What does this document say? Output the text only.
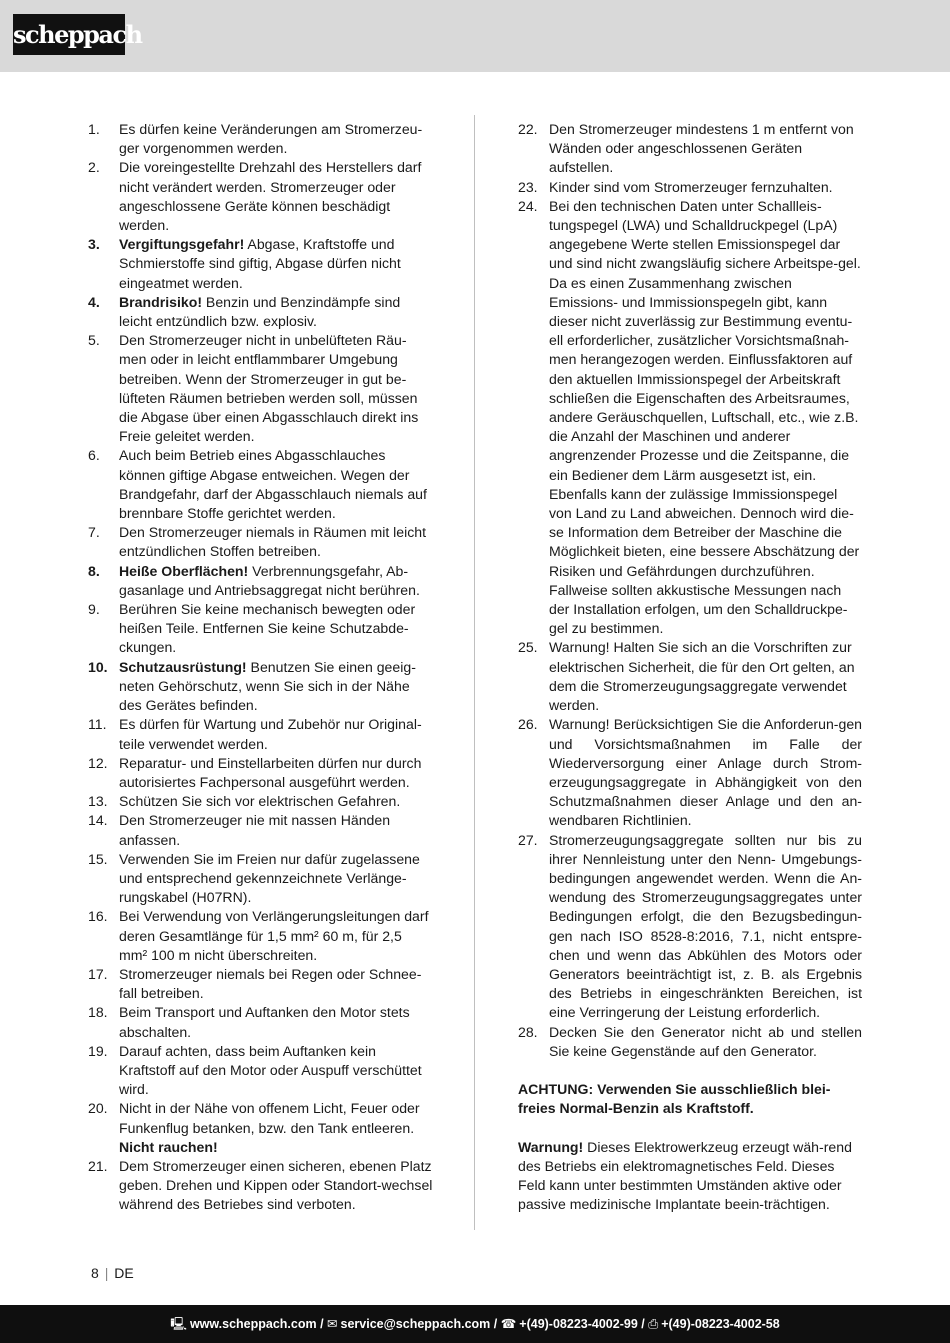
scheppach
1.	Es dürfen keine Veränderungen am Stromerzeu-ger vorgenommen werden.
2.	Die voreingestellte Drehzahl des Herstellers darf nicht verändert werden. Stromerzeuger oder angeschlossene Geräte können beschädigt werden.
3.	Vergiftungsgefahr! Abgase, Kraftstoffe und Schmierstoffe sind giftig, Abgase dürfen nicht eingeatmet werden.
4.	Brandrisiko! Benzin und Benzindämpfe sind leicht entzündlich bzw. explosiv.
5.	Den Stromerzeuger nicht in unbelüfteten Räu-men oder in leicht entflammbarer Umgebung betreiben. Wenn der Stromerzeuger in gut be-lüfteten Räumen betrieben werden soll, müssen die Abgase über einen Abgasschlauch direkt ins Freie geleitet werden.
6.	Auch beim Betrieb eines Abgasschlauches können giftige Abgase entweichen. Wegen der Brandgefahr, darf der Abgasschlauch niemals auf brennbare Stoffe gerichtet werden.
7.	Den Stromerzeuger niemals in Räumen mit leicht entzündlichen Stoffen betreiben.
8.	Heiße Oberflächen! Verbrennungsgefahr, Ab-gasanlage und Antriebsaggregat nicht berühren.
9.	Berühren Sie keine mechanisch bewegten oder heißen Teile. Entfernen Sie keine Schutzabde-ckungen.
10. Schutzausrüstung! Benutzen Sie einen geeig-neten Gehörschutz, wenn Sie sich in der Nähe des Gerätes befinden.
11. Es dürfen für Wartung und Zubehör nur Original-teile verwendet werden.
12. Reparatur- und Einstellarbeiten dürfen nur durch autorisiertes Fachpersonal ausgeführt werden.
13. Schützen Sie sich vor elektrischen Gefahren.
14. Den Stromerzeuger nie mit nassen Händen anfassen.
15. Verwenden Sie im Freien nur dafür zugelassene und entsprechend gekennzeichnete Verlänge-rungskabel (H07RN).
16. Bei Verwendung von Verlängerungsleitungen darf deren Gesamtlänge für 1,5 mm² 60 m, für 2,5 mm² 100 m nicht überschreiten.
17. Stromerzeuger niemals bei Regen oder Schnee-fall betreiben.
18. Beim Transport und Auftanken den Motor stets abschalten.
19. Darauf achten, dass beim Auftanken kein Kraftstoff auf den Motor oder Auspuff verschüttet wird.
20. Nicht in der Nähe von offenem Licht, Feuer oder Funkenflug betanken, bzw. den Tank entleeren.
Nicht rauchen!
21. Dem Stromerzeuger einen sicheren, ebenen Platz geben. Drehen und Kippen oder Standort-wechsel während des Betriebes sind verboten.
22. Den Stromerzeuger mindestens 1 m entfernt von Wänden oder angeschlossenen Geräten aufstellen.
23. Kinder sind vom Stromerzeuger fernzuhalten.
24. Bei den technischen Daten unter Schallleis-tungspegel (LWA) und Schalldruckpegel (LpA) angegebene Werte stellen Emissionspegel dar und sind nicht zwangsläufig sichere Arbeitspe-gel. Da es einen Zusammenhang zwischen Emissions- und Immissionspegeln gibt, kann dieser nicht zuverlässig zur Bestimmung eventu-ell erforderlicher, zusätzlicher Vorsichtsmaßnah-men herangezogen werden. Einflussfaktoren auf den aktuellen Immissionspegel der Arbeitskraft schließen die Eigenschaften des Arbeitsraumes, andere Geräuschquellen, Luftschall, etc., wie z.B. die Anzahl der Maschinen und anderer angrenzender Prozesse und die Zeitspanne, die ein Bediener dem Lärm ausgesetzt ist, ein. Ebenfalls kann der zulässige Immissionspegel von Land zu Land abweichen. Dennoch wird die-se Information dem Betreiber der Maschine die Möglichkeit bieten, eine bessere Abschätzung der Risiken und Gefährdungen durchzuführen. Fallweise sollten akkustische Messungen nach der Installation erfolgen, um den Schalldruckpe-gel zu bestimmen.
25. Warnung! Halten Sie sich an die Vorschriften zur elektrischen Sicherheit, die für den Ort gelten, an dem die Stromerzeugungsaggregate verwendet werden.
26. Warnung! Berücksichtigen Sie die Anforderun-gen und Vorsichtsmaßnahmen im Falle der Wiederversorgung einer Anlage durch Strom-erzeugungsaggregate in Abhängigkeit von den Schutzmaßnahmen dieser Anlage und den an-wendbaren Richtlinien.
27. Stromerzeugungsaggregate sollten nur bis zu ihrer Nennleistung unter den Nenn- Umgebungs-bedingungen angewendet werden. Wenn die An-wendung des Stromerzeugungsaggregates unter Bedingungen erfolgt, die den Bezugsbedingun-gen nach ISO 8528-8:2016, 7.1, nicht entspre-chen und wenn das Abkühlen des Motors oder Generators beeinträchtigt ist, z. B. als Ergebnis des Betriebs in eingeschränkten Bereichen, ist eine Verringerung der Leistung erforderlich.
28. Decken Sie den Generator nicht ab und stellen Sie keine Gegenstände auf den Generator.

ACHTUNG: Verwenden Sie ausschließlich blei-freies Normal-Benzin als Kraftstoff.

Warnung! Dieses Elektrowerkzeug erzeugt wäh-rend des Betriebs ein elektromagnetisches Feld. Dieses Feld kann unter bestimmten Umständen aktive oder passive medizinische Implantate beein-trächtigen.

8 | DE
🖳 www.scheppach.com / ✉ service@scheppach.com / ☎ +(49)-08223-4002-99 / ⎙ +(49)-08223-4002-58
